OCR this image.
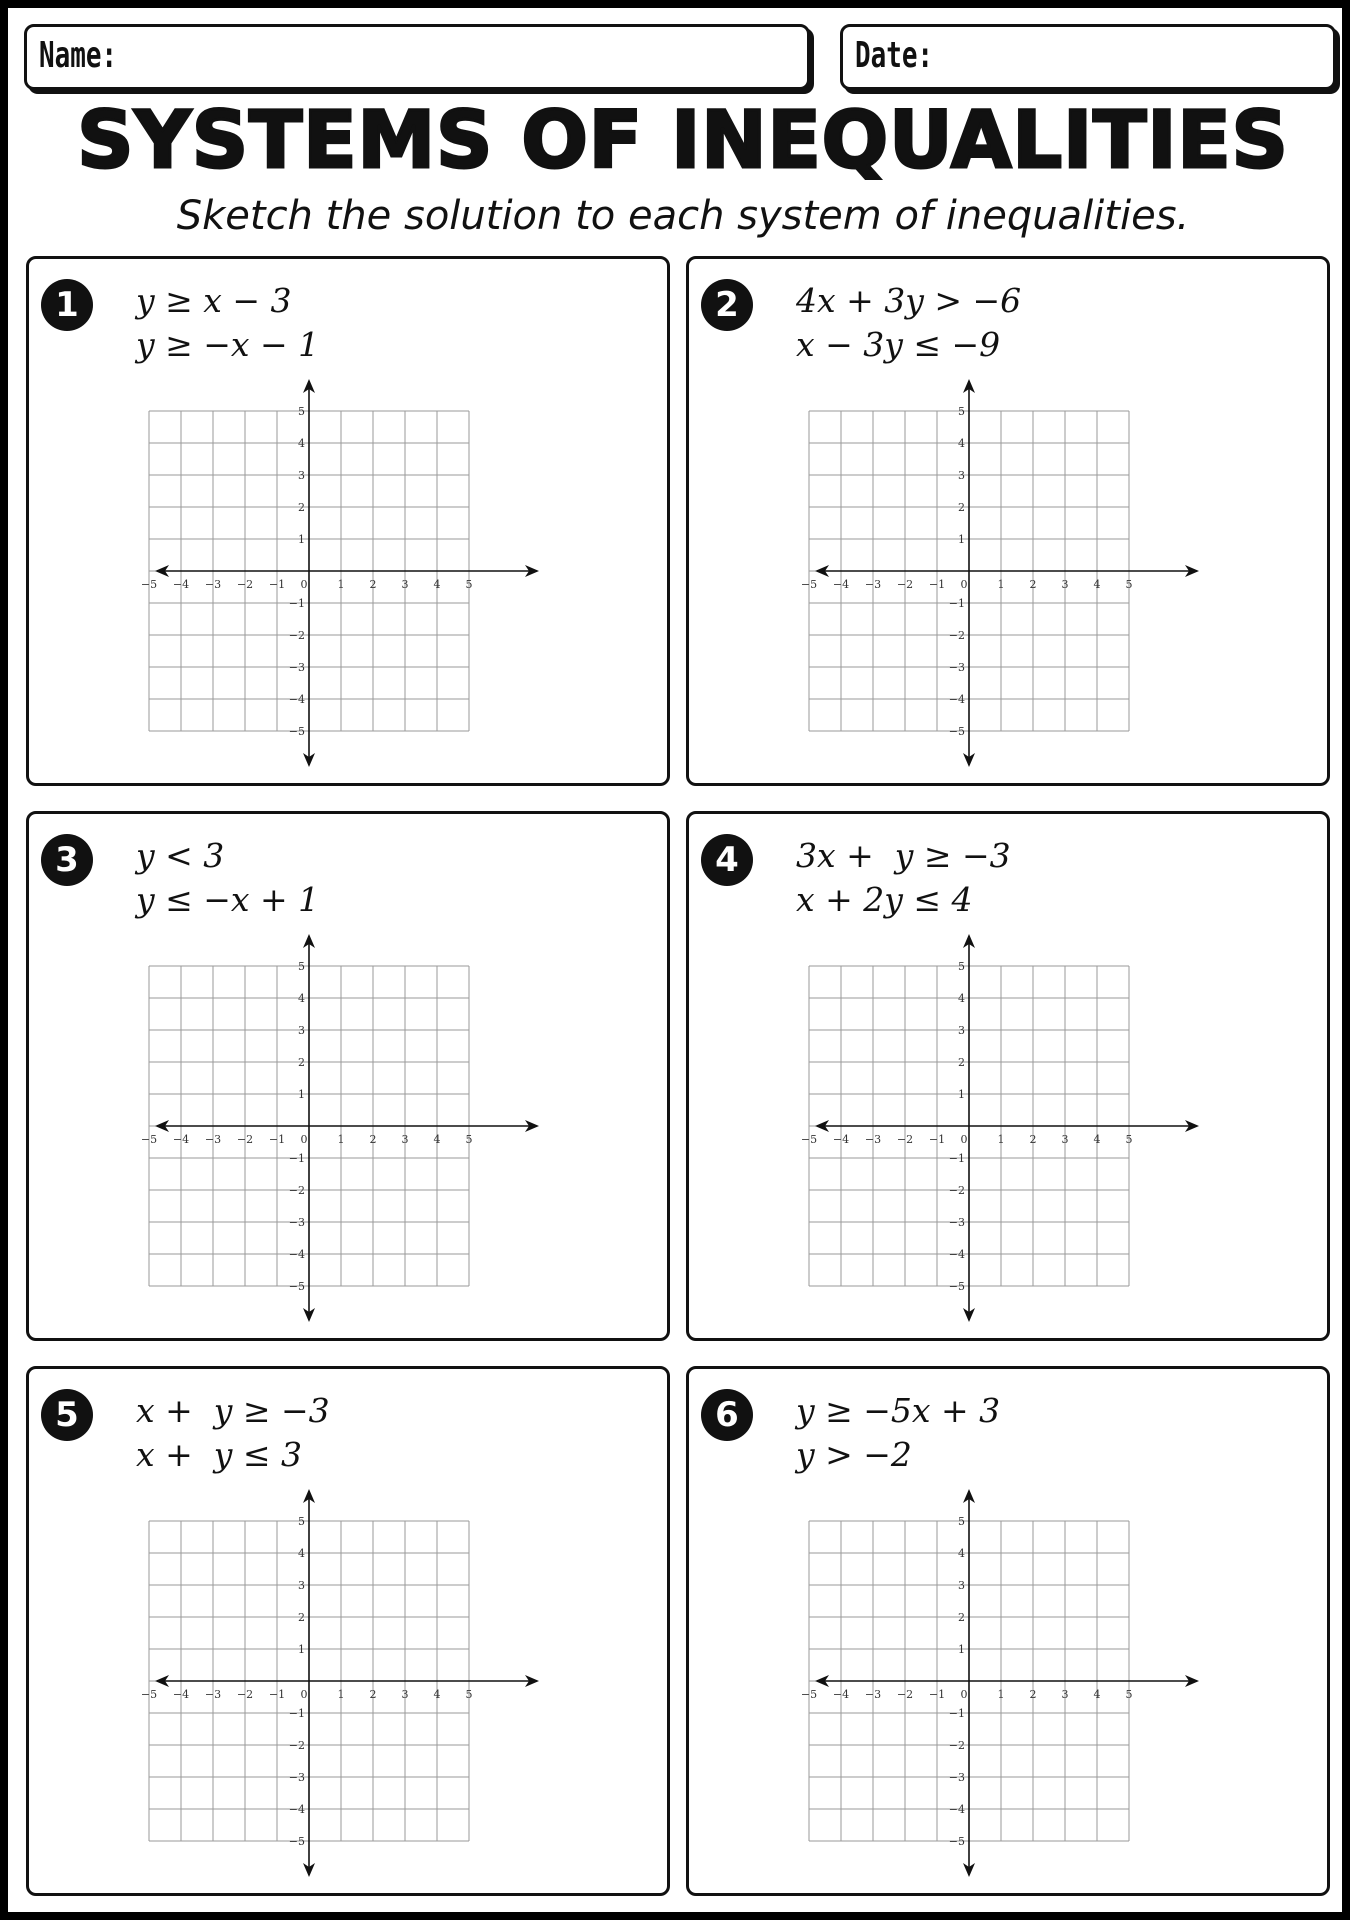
Name:	Date:
SYSTEMS OF INEQUALITIES
Sketch the solution to each system of inequalities.
1	y ≥ x − 3
y ≥ −x − 1
−5 −4 −3 −2 −1 0	1 2 3 4 5
5
4
3
2
1
−1
−2
−3
−4
−5
2	4x + 3y > −6
x − 3y ≤ −9
−5 −4 −3 −2 −1 0	1 2 3 4 5
5
4
3
2
1
−1
−2
−3
−4
−5
3	y < 3
y ≤ −x + 1
−5 −4 −3 −2 −1 0	1 2 3 4 5
5
4
3
2
1
−1
−2
−3
−4
−5
4	3x +  y ≥ −3
x + 2y ≤ 4
−5 −4 −3 −2 −1 0	1 2 3 4 5
5
4
3
2
1
−1
−2
−3
−4
−5
5	x +  y ≥ −3
x +  y ≤ 3
−5 −4 −3 −2 −1 0	1 2 3 4 5
5
4
3
2
1
−1
−2
−3
−4
−5
6	y ≥ −5x + 3
y > −2
−5 −4 −3 −2 −1 0	1 2 3 4 5
5
4
3
2
1
−1
−2
−3
−4
−5
